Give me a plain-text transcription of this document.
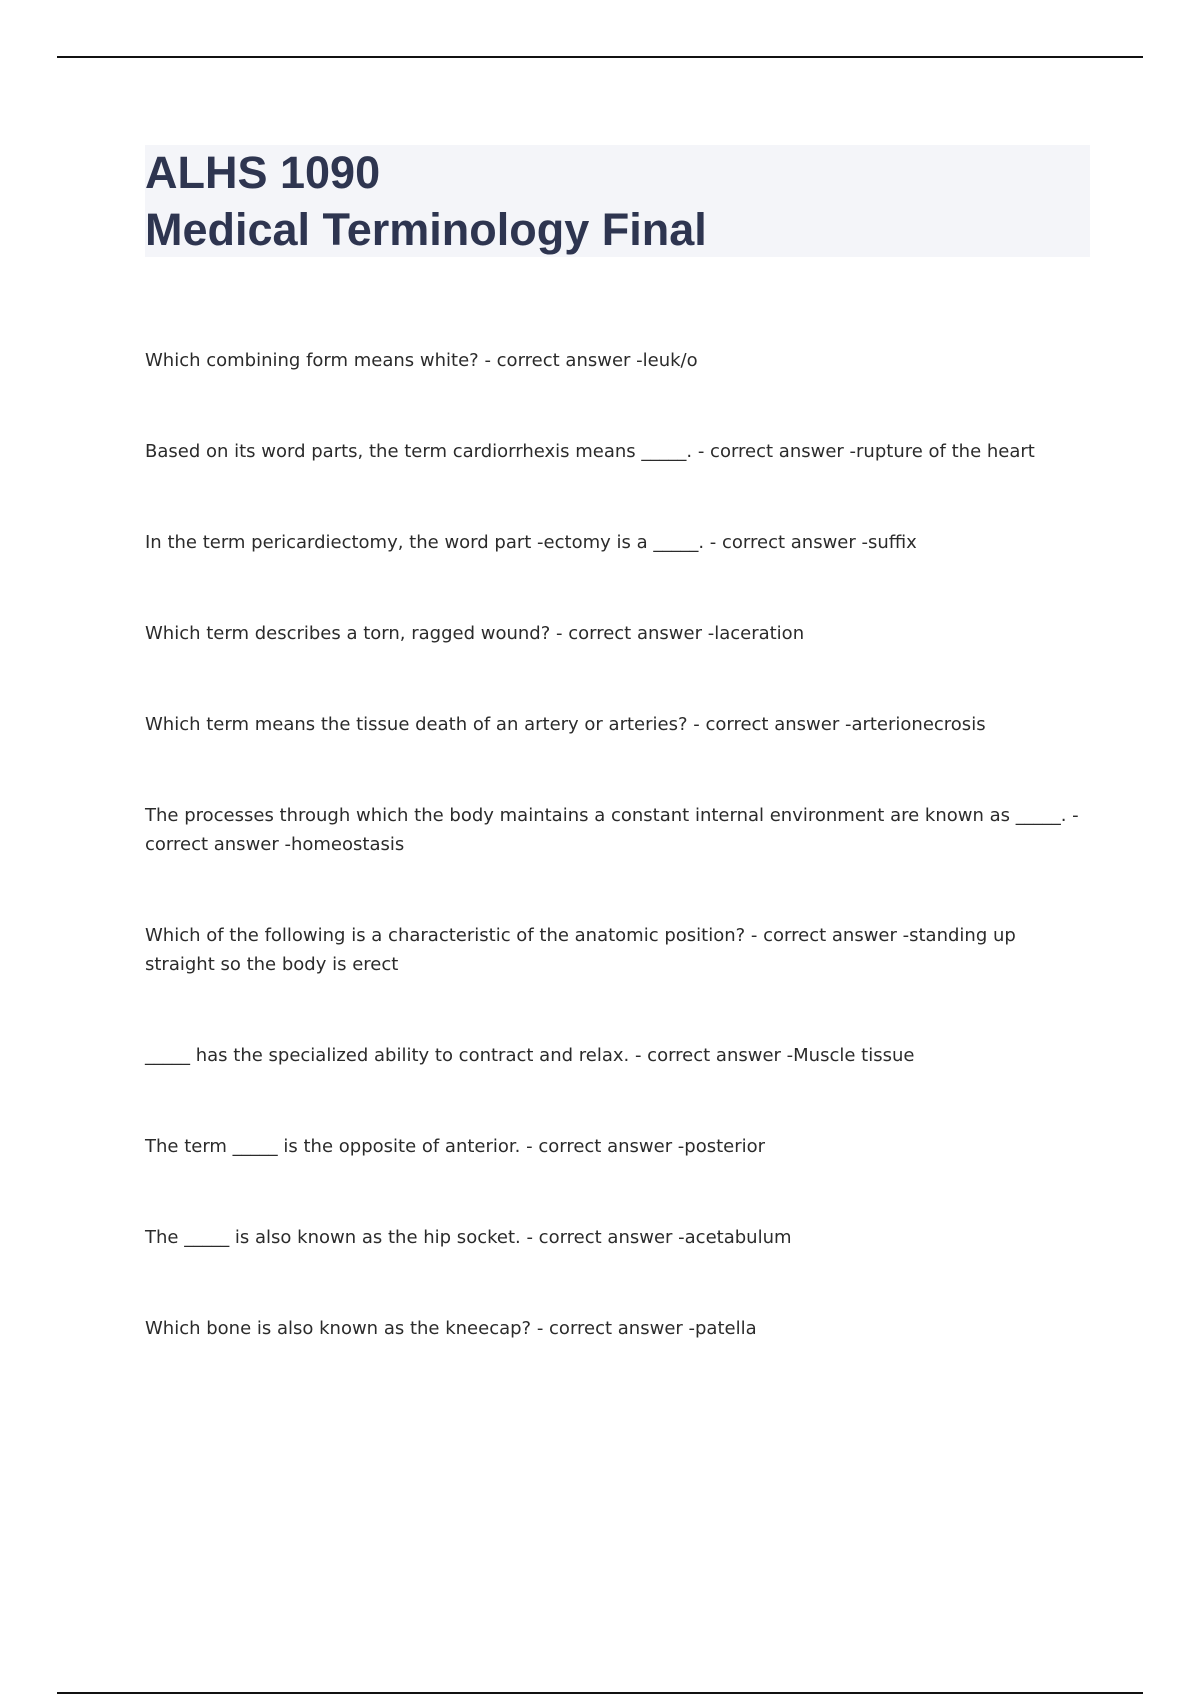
ALHS 1090
Medical Terminology Final

Which combining form means white? - correct answer -leuk/o

Based on its word parts, the term cardiorrhexis means _____. - correct answer -rupture of the heart

In the term pericardiectomy, the word part -ectomy is a _____. - correct answer -suffix

Which term describes a torn, ragged wound? - correct answer -laceration

Which term means the tissue death of an artery or arteries? - correct answer -arterionecrosis

The processes through which the body maintains a constant internal environment are known as _____. - correct answer -homeostasis

Which of the following is a characteristic of the anatomic position? - correct answer -standing up straight so the body is erect

_____ has the specialized ability to contract and relax. - correct answer -Muscle tissue

The term _____ is the opposite of anterior. - correct answer -posterior

The _____ is also known as the hip socket. - correct answer -acetabulum

Which bone is also known as the kneecap? - correct answer -patella
